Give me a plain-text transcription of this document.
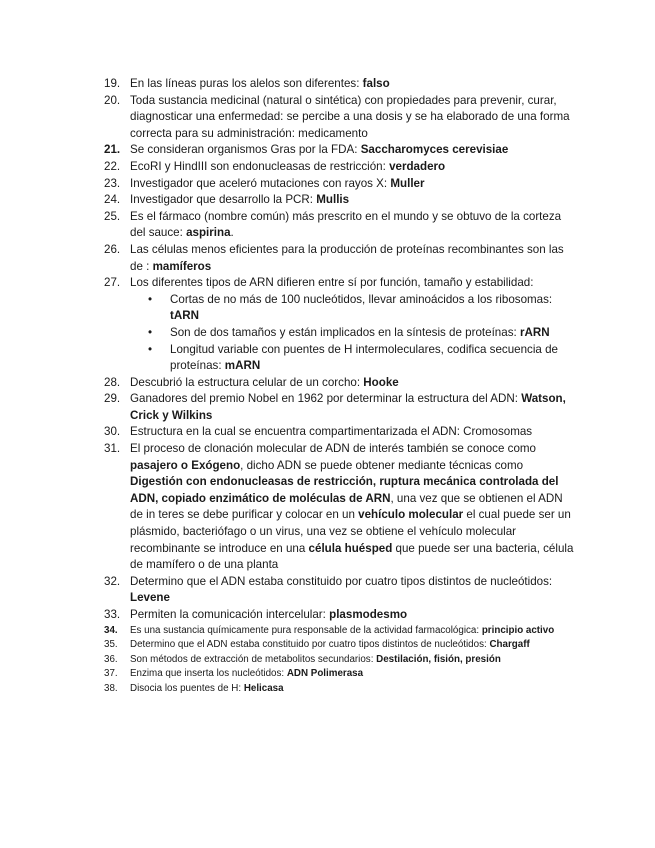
19. En las líneas puras los alelos son diferentes: falso
20. Toda sustancia medicinal (natural o sintética) con propiedades para prevenir, curar, diagnosticar una enfermedad: se percibe a una dosis y se ha elaborado de una forma correcta para su administración: medicamento
21. Se consideran organismos Gras por la FDA: Saccharomyces cerevisiae
22. EcoRI y HindIII son endonucleasas de restricción: verdadero
23. Investigador que aceleró mutaciones con rayos X: Muller
24. Investigador que desarrollo la PCR: Mullis
25. Es el fármaco (nombre común) más prescrito en el mundo y se obtuvo de la corteza del sauce: aspirina.
26. Las células menos eficientes para la producción de proteínas recombinantes son las de : mamíferos
27. Los diferentes tipos de ARN difieren entre sí por función, tamaño y estabilidad:
• Cortas de no más de 100 nucleótidos, llevar aminoácidos a los ribosomas: tARN
• Son de dos tamaños y están implicados en la síntesis de proteínas: rARN
• Longitud variable con puentes de H intermoleculares, codifica secuencia de proteínas: mARN
28. Descubrió la estructura celular de un corcho: Hooke
29. Ganadores del premio Nobel en 1962 por determinar la estructura del ADN: Watson, Crick y Wilkins
30. Estructura en la cual se encuentra compartimentarizada el ADN: Cromosomas
31. El proceso de clonación molecular de ADN de interés también se conoce como pasajero o Exógeno, dicho ADN se puede obtener mediante técnicas como Digestión con endonucleasas de restricción, ruptura mecánica controlada del ADN, copiado enzimático de moléculas de ARN, una vez que se obtienen el ADN de in teres se debe purificar y colocar en un vehículo molecular el cual puede ser un plásmido, bacteriófago o un virus, una vez se obtiene el vehículo molecular recombinante se introduce en una célula huésped que puede ser una bacteria, célula de mamífero o de una planta
32. Determino que el ADN estaba constituido por cuatro tipos distintos de nucleótidos: Levene
33. Permiten la comunicación intercelular: plasmodesmo
34.	Es una sustancia químicamente pura responsable de la actividad farmacológica: principio activo
35.	Determino que el ADN estaba constituido por cuatro tipos distintos de nucleótidos: Chargaff
36.	Son métodos de extracción de metabolitos secundarios: Destilación, fisión, presión
37.	Enzima que inserta los nucleótidos: ADN Polimerasa
38.	Disocia los puentes de H: Helicasa
